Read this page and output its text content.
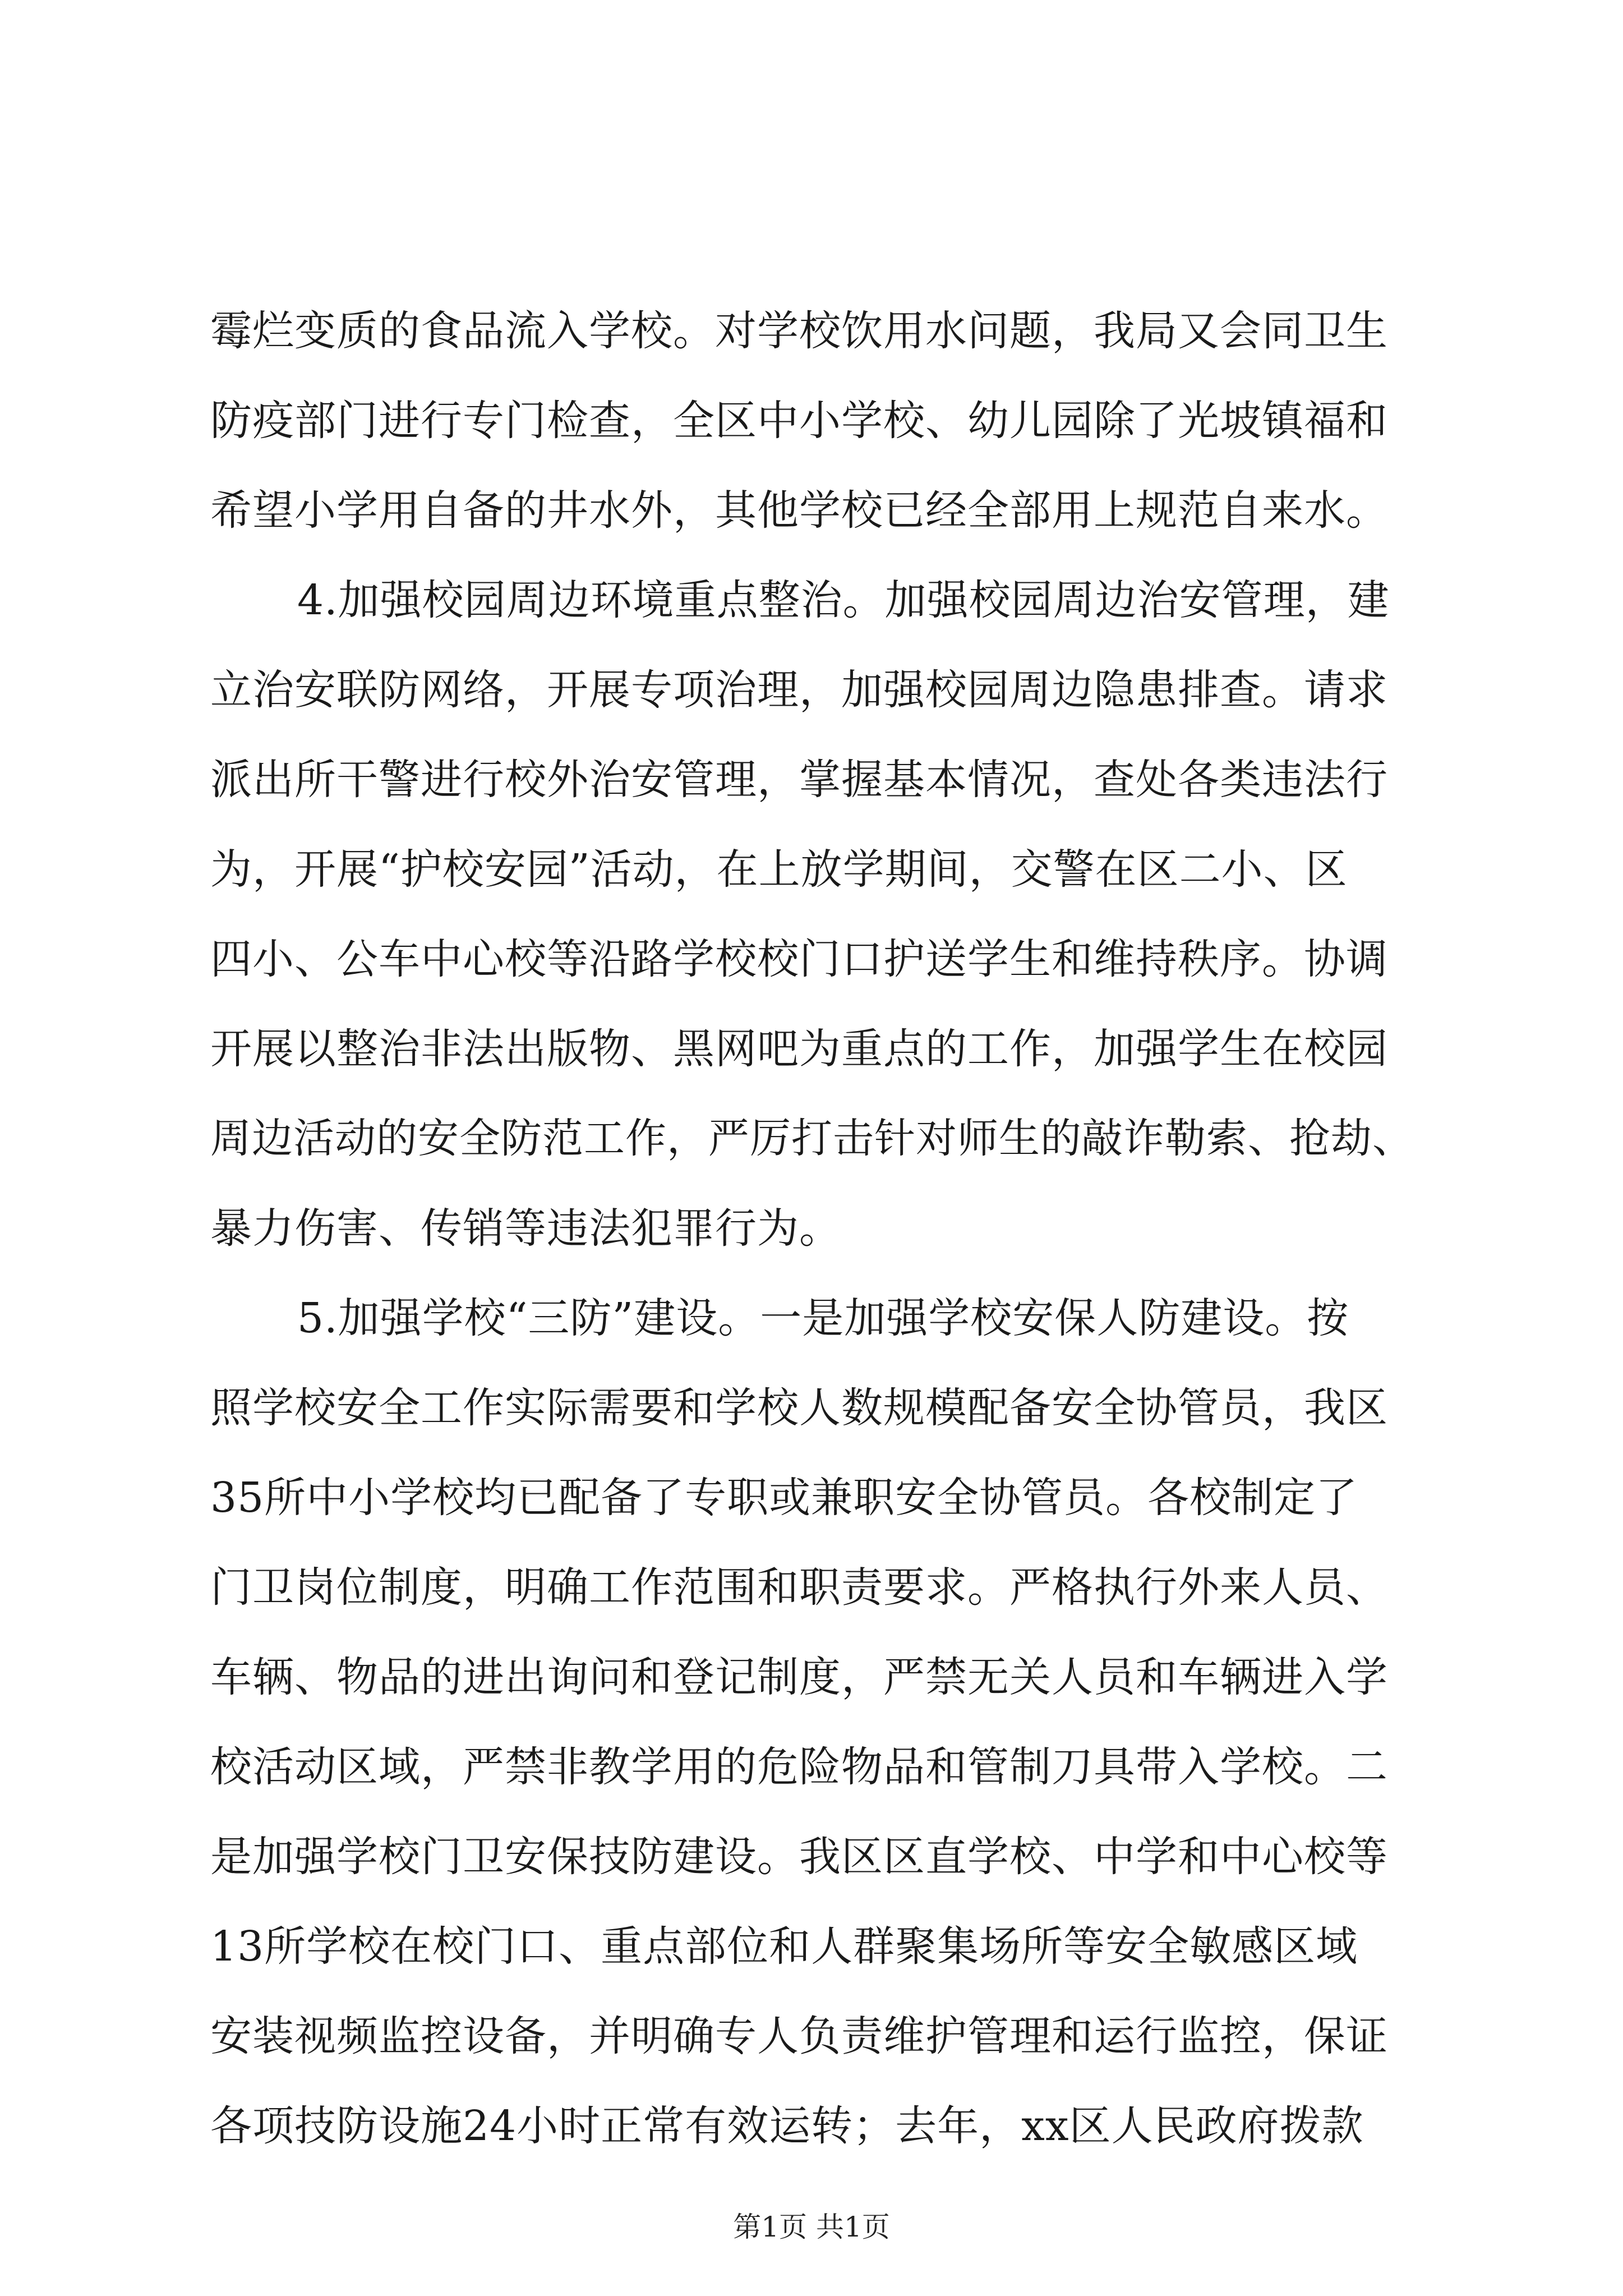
霉烂变质的食品流入学校。对学校饮用水问题，我局又会同卫生
防疫部门进行专门检查，全区中小学校、幼儿园除了光坡镇福和
希望小学用自备的井水外，其他学校已经全部用上规范自来水。
4.加强校园周边环境重点整治。加强校园周边治安管理，建
立治安联防网络，开展专项治理，加强校园周边隐患排查。请求
派出所干警进行校外治安管理，掌握基本情况，查处各类违法行
为，开展“护校安园”活动，在上放学期间，交警在区二小、区
四小、公车中心校等沿路学校校门口护送学生和维持秩序。协调
开展以整治非法出版物、黑网吧为重点的工作，加强学生在校园
周边活动的安全防范工作，严厉打击针对师生的敲诈勒索、抢劫、
暴力伤害、传销等违法犯罪行为。
5.加强学校“三防”建设。一是加强学校安保人防建设。按
照学校安全工作实际需要和学校人数规模配备安全协管员，我区
35所中小学校均已配备了专职或兼职安全协管员。各校制定了
门卫岗位制度，明确工作范围和职责要求。严格执行外来人员、
车辆、物品的进出询问和登记制度，严禁无关人员和车辆进入学
校活动区域，严禁非教学用的危险物品和管制刀具带入学校。二
是加强学校门卫安保技防建设。我区区直学校、中学和中心校等
13所学校在校门口、重点部位和人群聚集场所等安全敏感区域
安装视频监控设备，并明确专人负责维护管理和运行监控，保证
各项技防设施24小时正常有效运转；去年，xx区人民政府拨款
第1页 共1页
